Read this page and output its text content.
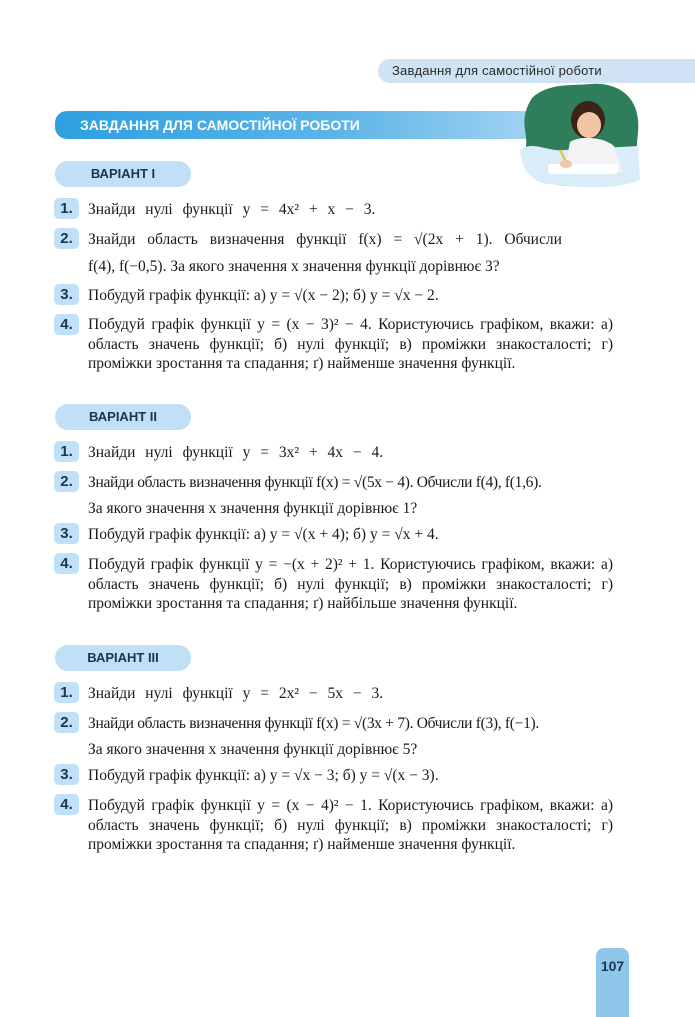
Завдання для самостійної роботи
ЗАВДАННЯ ДЛЯ САМОСТІЙНОЇ РОБОТИ
ВАРІАНТ І
1. Знайди нулі функції y = 4x² + x − 3.
2. Знайди область визначення функції f(x) = √(2x + 1). Обчисли
f(4), f(−0,5). За якого значення x значення функції дорівнює 3?
3. Побудуй графік функції: а) y = √(x − 2); б) y = √x − 2.
4. Побудуй графік функції y = (x − 3)² − 4. Користуючись графіком, вкажи: а) область значень функції; б) нулі функції; в) проміжки знакосталості; г) проміжки зростання та спадання; ґ) найменше значення функції.
ВАРІАНТ ІІ
1. Знайди нулі функції y = 3x² + 4x − 4.
2. Знайди область визначення функції f(x) = √(5x − 4). Обчисли f(4), f(1,6).
За якого значення x значення функції дорівнює 1?
3. Побудуй графік функції: а) y = √(x + 4); б) y = √x + 4.
4. Побудуй графік функції y = −(x + 2)² + 1. Користуючись графіком, вкажи: а) область значень функції; б) нулі функції; в) проміжки знакосталості; г) проміжки зростання та спадання; ґ) найбільше значення функції.
ВАРІАНТ ІІІ
1. Знайди нулі функції y = 2x² − 5x − 3.
2. Знайди область визначення функції f(x) = √(3x + 7). Обчисли f(3), f(−1).
За якого значення x значення функції дорівнює 5?
3. Побудуй графік функції: а) y = √x − 3; б) y = √(x − 3).
4. Побудуй графік функції y = (x − 4)² − 1. Користуючись графіком, вкажи: а) область значень функції; б) нулі функції; в) проміжки знакосталості; г) проміжки зростання та спадання; ґ) найменше значення функції.
107
